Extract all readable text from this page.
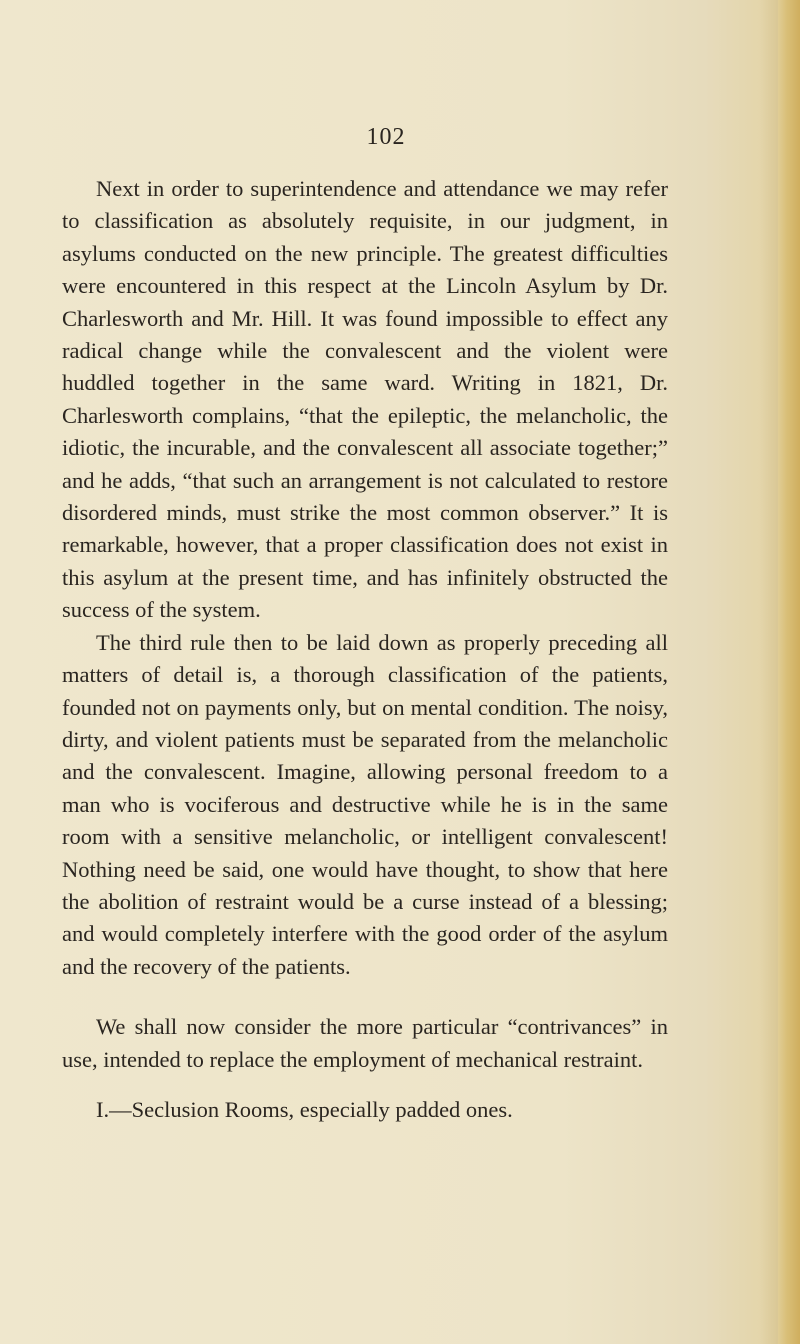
102

Next in order to superintendence and attendance we may refer to classification as absolutely requisite, in our judgment, in asylums conducted on the new principle. The greatest difficulties were encountered in this respect at the Lincoln Asylum by Dr. Charlesworth and Mr. Hill. It was found impossible to effect any radical change while the convalescent and the violent were huddled together in the same ward. Writing in 1821, Dr. Charlesworth complains, “that the epileptic, the melancholic, the idiotic, the incurable, and the convalescent all associate together;” and he adds, “that such an arrangement is not calculated to restore disordered minds, must strike the most common observer.” It is remarkable, however, that a proper classification does not exist in this asylum at the present time, and has infinitely obstructed the success of the system.

The third rule then to be laid down as properly preceding all matters of detail is, a thorough classification of the patients, founded not on payments only, but on mental condition. The noisy, dirty, and violent patients must be separated from the melancholic and the convalescent. Imagine, allowing personal freedom to a man who is vociferous and destructive while he is in the same room with a sensitive melancholic, or intelligent convalescent! Nothing need be said, one would have thought, to show that here the abolition of restraint would be a curse instead of a blessing; and would completely interfere with the good order of the asylum and the recovery of the patients.

We shall now consider the more particular “contrivances” in use, intended to replace the employment of mechanical restraint.

I.—Seclusion Rooms, especially padded ones.
